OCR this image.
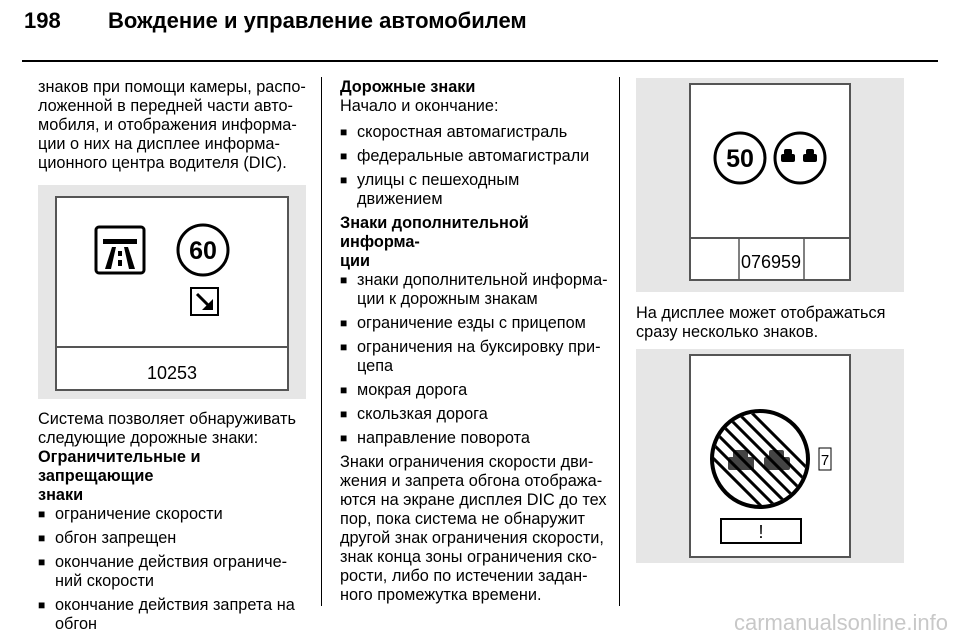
198 Вождение и управление автомобилем

знаков при помощи камеры, распо-
ложенной в передней части авто-
мобиля, и отображения информа-
ции о них на дисплее информа-
ционного центра водителя (DIC).

60
10253

Система позволяет обнаруживать
следующие дорожные знаки:

Ограничительные и запрещающие
знаки

■ ограничение скорости
■ обгон запрещен
■ окончание действия ограниче-
ний скорости
■ окончание действия запрета на
обгон

Дорожные знаки

Начало и окончание:

■ скоростная автомагистраль
■ федеральные автомагистрали
■ улицы с пешеходным движением

Знаки дополнительной информа-
ции

■ знаки дополнительной информа-
ции к дорожным знакам
■ ограничение езды с прицепом
■ ограничения на буксировку при-
цепа
■ мокрая дорога
■ скользкая дорога
■ направление поворота

Знаки ограничения скорости дви-
жения и запрета обгона отобража-
ются на экране дисплея DIC до тех
пор, пока система не обнаружит
другой знак ограничения скорости,
знак конца зоны ограничения ско-
рости, либо по истечении задан-
ного промежутка времени.

50
076959

На дисплее может отображаться
сразу несколько знаков.

7
!
carmanualsonline.info
